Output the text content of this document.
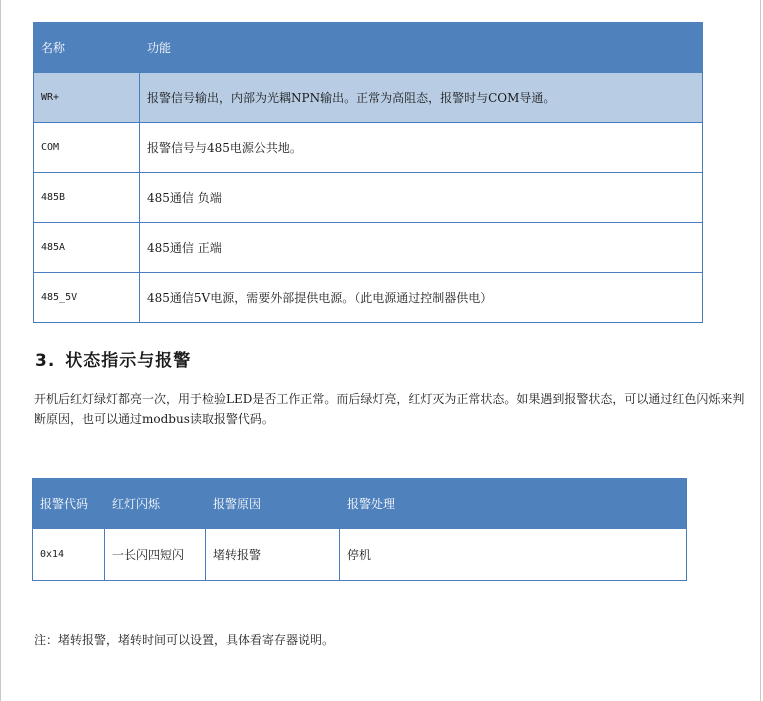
名称	功能
WR+	报警信号输出，内部为光耦NPN输出。正常为高阻态，报警时与COM导通。
COM	报警信号与485电源公共地。
485B	485通信 负端
485A	485通信 正端
485_5V	485通信5V电源，需要外部提供电源。（此电源通过控制器供电）
3. 状态指示与报警

开机后红灯绿灯都亮一次，用于检验LED是否工作正常。而后绿灯亮，红灯灭为正常状态。如果遇到报警状态，可以通过红色闪烁来判断原因，也可以通过modbus读取报警代码。

报警代码	红灯闪烁	报警原因	报警处理
0x14	一长闪四短闪	堵转报警	停机

注：堵转报警，堵转时间可以设置，具体看寄存器说明。
